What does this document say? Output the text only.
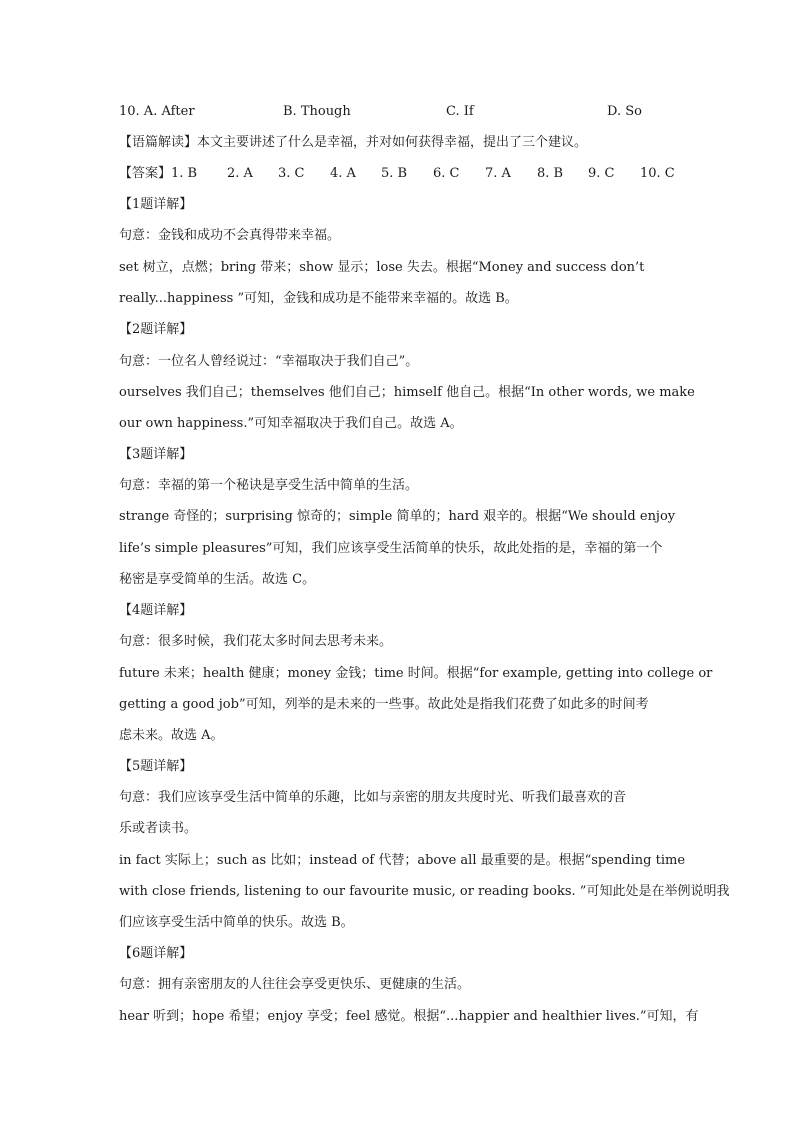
10. A. After	B. Though	C. If	D. So
【语篇解读】本文主要讲述了什么是幸福，并对如何获得幸福，提出了三个建议。
【答案】1. B 2. A 3. C 4. A 5. B 6. C 7. A 8. B 9. C 10. C
【1题详解】
句意：金钱和成功不会真得带来幸福。
set 树立，点燃；bring 带来；show 显示；lose 失去。根据“Money and success don’t
really...happiness ”可知，金钱和成功是不能带来幸福的。故选 B。
【2题详解】
句意：一位名人曾经说过：“幸福取决于我们自己”。
ourselves 我们自己；themselves 他们自己；himself 他自己。根据“In other words, we make
our own happiness.”可知幸福取决于我们自己。故选 A。
【3题详解】
句意：幸福的第一个秘诀是享受生活中简单的生活。
strange 奇怪的；surprising 惊奇的；simple 简单的；hard 艰辛的。根据“We should enjoy
life’s simple pleasures”可知，我们应该享受生活简单的快乐，故此处指的是，幸福的第一个
秘密是享受简单的生活。故选 C。
【4题详解】
句意：很多时候，我们花太多时间去思考未来。
future 未来；health 健康；money 金钱；time 时间。根据“for example, getting into college or
getting a good job”可知，列举的是未来的一些事。故此处是指我们花费了如此多的时间考
虑未来。故选 A。
【5题详解】
句意：我们应该享受生活中简单的乐趣，比如与亲密的朋友共度时光、听我们最喜欢的音
乐或者读书。
in fact 实际上；such as 比如；instead of 代替；above all 最重要的是。根据“spending time
with close friends, listening to our favourite music, or reading books. ”可知此处是在举例说明我
们应该享受生活中简单的快乐。故选 B。
【6题详解】
句意：拥有亲密朋友的人往往会享受更快乐、更健康的生活。
hear 听到；hope 希望；enjoy 享受；feel 感觉。根据“...happier and healthier lives.”可知，有
